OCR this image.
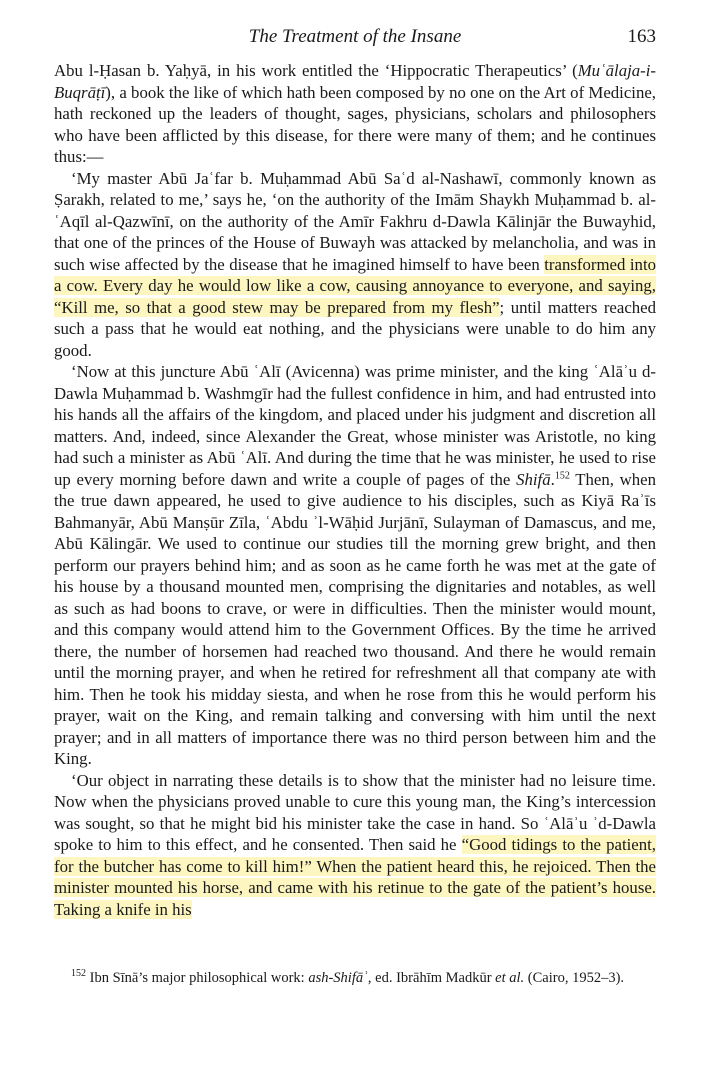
The Treatment of the Insane	163

Abu l-Ḥasan b. Yaḥyā, in his work entitled the ‘Hippocratic Therapeutics’ (Muʿālaja-i-Buqrāṭī), a book the like of which hath been composed by no one on the Art of Medicine, hath reckoned up the leaders of thought, sages, physicians, scholars and philosophers who have been afflicted by this disease, for there were many of them; and he continues thus:—

‘My master Abū Jaʿfar b. Muḥammad Abū Saʿd al-Nashawī, commonly known as Ṣarakh, related to me,’ says he, ‘on the authority of the Imām Shaykh Muḥammad b. al-ʿAqīl al-Qazwīnī, on the authority of the Amīr Fakhru d-Dawla Kālinjār the Buwayhid, that one of the princes of the House of Buwayh was attacked by melancholia, and was in such wise affected by the disease that he imagined himself to have been transformed into a cow. Every day he would low like a cow, causing annoyance to everyone, and saying, “Kill me, so that a good stew may be prepared from my flesh”; until matters reached such a pass that he would eat nothing, and the physicians were unable to do him any good.

‘Now at this juncture Abū ʿAlī (Avicenna) was prime minister, and the king ʿAlāʾu d-Dawla Muḥammad b. Washmgīr had the fullest confidence in him, and had entrusted into his hands all the affairs of the kingdom, and placed under his judgment and discretion all matters. And, indeed, since Alexander the Great, whose minister was Aristotle, no king had such a minister as Abū ʿAlī. And during the time that he was minister, he used to rise up every morning before dawn and write a couple of pages of the Shifā.$^{152}$ Then, when the true dawn appeared, he used to give audience to his disciples, such as Kiyā Raʾīs Bahmanyār, Abū Manṣūr Zīla, ʿAbdu ʾl-Wāḥid Jurjānī, Sulayman of Damascus, and me, Abū Kālingār. We used to continue our studies till the morning grew bright, and then perform our prayers behind him; and as soon as he came forth he was met at the gate of his house by a thousand mounted men, comprising the dignitaries and notables, as well as such as had boons to crave, or were in difficulties. Then the minister would mount, and this company would attend him to the Government Offices. By the time he arrived there, the number of horsemen had reached two thousand. And there he would remain until the morning prayer, and when he retired for refreshment all that company ate with him. Then he took his midday siesta, and when he rose from this he would perform his prayer, wait on the King, and remain talking and conversing with him until the next prayer; and in all matters of importance there was no third person between him and the King.

‘Our object in narrating these details is to show that the minister had no leisure time. Now when the physicians proved unable to cure this young man, the King’s intercession was sought, so that he might bid his minister take the case in hand. So ʿAlāʾu ʾd-Dawla spoke to him to this effect, and he consented. Then said he “Good tidings to the patient, for the butcher has come to kill him!” When the patient heard this, he rejoiced. Then the minister mounted his horse, and came with his retinue to the gate of the patient’s house. Taking a knife in his

$^{152}$ Ibn Sīnā’s major philosophical work: ash-Shifāʾ, ed. Ibrāhīm Madkūr et al. (Cairo, 1952–3).
